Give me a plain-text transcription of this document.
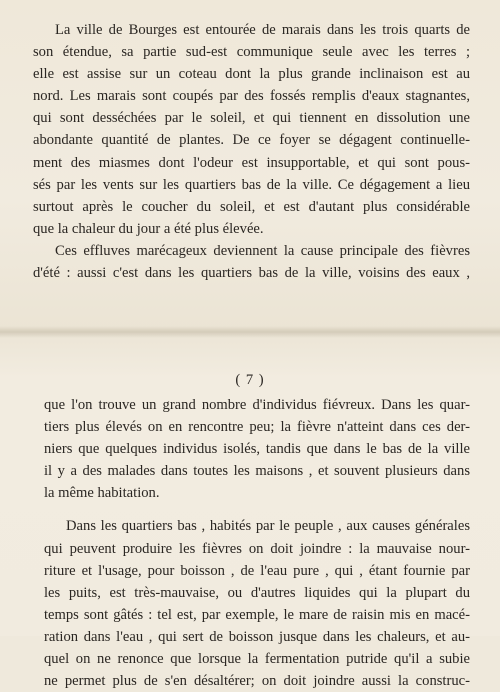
La ville de Bourges est entourée de marais dans les trois quarts de
son étendue, sa partie sud-est communique seule avec les terres ;
elle est assise sur un coteau dont la plus grande inclinaison est au
nord. Les marais sont coupés par des fossés remplis d'eaux stagnantes,
qui sont desséchées par le soleil, et qui tiennent en dissolution une
abondante quantité de plantes. De ce foyer se dégagent continuelle-
ment des miasmes dont l'odeur est insupportable, et qui sont pous-
sés par les vents sur les quartiers bas de la ville. Ce dégagement a lieu
surtout après le coucher du soleil, et est d'autant plus considérable
que la chaleur du jour a été plus élevée.

Ces effluves marécageux deviennent la cause principale des fièvres
d'été : aussi c'est dans les quartiers bas de la ville, voisins des eaux ,

( 7 )

que l'on trouve un grand nombre d'individus fiévreux. Dans les quar-
tiers plus élevés on en rencontre peu; la fièvre n'atteint dans ces der-
niers que quelques individus isolés, tandis que dans le bas de la ville
il y a des malades dans toutes les maisons , et souvent plusieurs dans
la même habitation.

Dans les quartiers bas , habités par le peuple , aux causes générales
qui peuvent produire les fièvres on doit joindre : la mauvaise nour-
riture et l'usage, pour boisson , de l'eau pure , qui , étant fournie par
les puits, est très-mauvaise, ou d'autres liquides qui la plupart du
temps sont gâtés : tel est, par exemple, le mare de raisin mis en macé-
ration dans l'eau , qui sert de boisson jusque dans les chaleurs, et au-
quel on ne renonce que lorsque la fermentation putride qu'il a subie
ne permet plus de s'en désaltérer; on doit joindre aussi la construc-
